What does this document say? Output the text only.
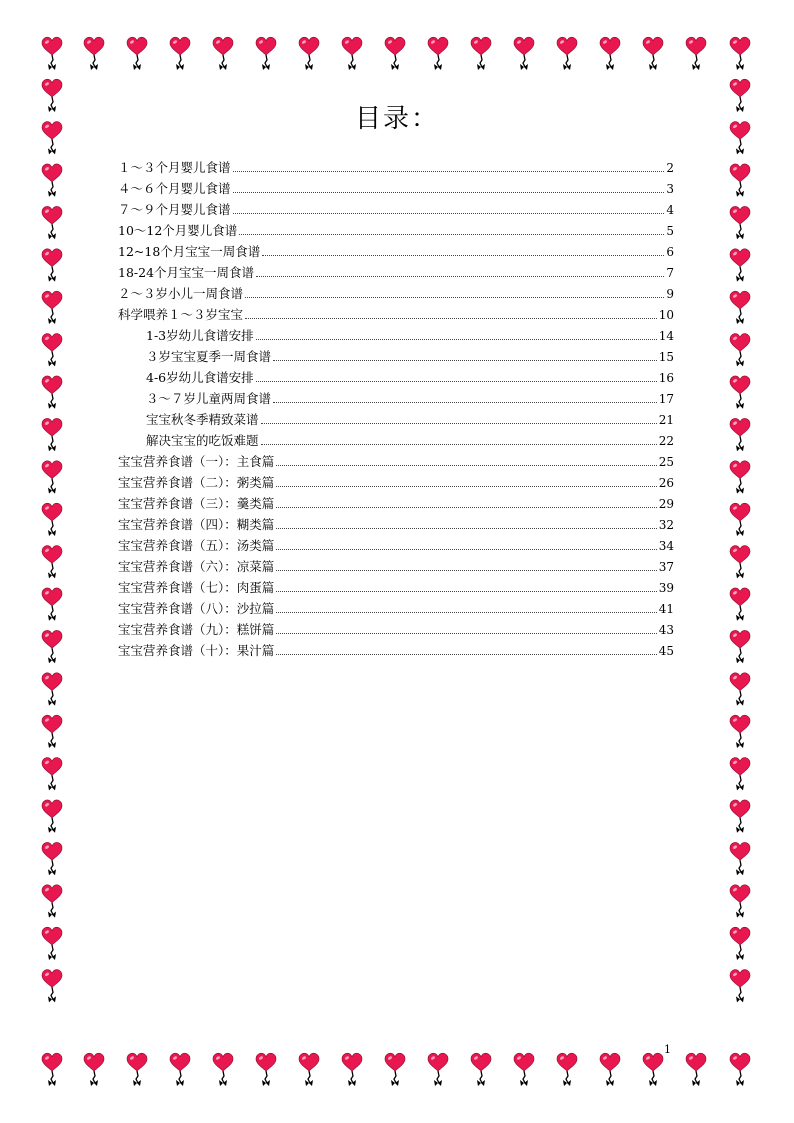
目录：
１～３个月婴儿食谱	2
４～６个月婴儿食谱	3
７～９个月婴儿食谱	4
10～12个月婴儿食谱	5
12~18个月宝宝一周食谱	6
18-24个月宝宝一周食谱	7
２～３岁小儿一周食谱	9
科学喂养１～３岁宝宝	10
1-3岁幼儿食谱安排	14
３岁宝宝夏季一周食谱	15
4-6岁幼儿食谱安排	16
３～７岁儿童两周食谱	17
宝宝秋冬季精致菜谱	21
解决宝宝的吃饭难题	22
宝宝营养食谱（一）：主食篇	25
宝宝营养食谱（二）：粥类篇	26
宝宝营养食谱（三）：羹类篇	29
宝宝营养食谱（四）：糊类篇	32
宝宝营养食谱（五）：汤类篇	34
宝宝营养食谱（六）：凉菜篇	37
宝宝营养食谱（七）：肉蛋篇	39
宝宝营养食谱（八）：沙拉篇	41
宝宝营养食谱（九）：糕饼篇	43
宝宝营养食谱（十）：果汁篇	45
1
